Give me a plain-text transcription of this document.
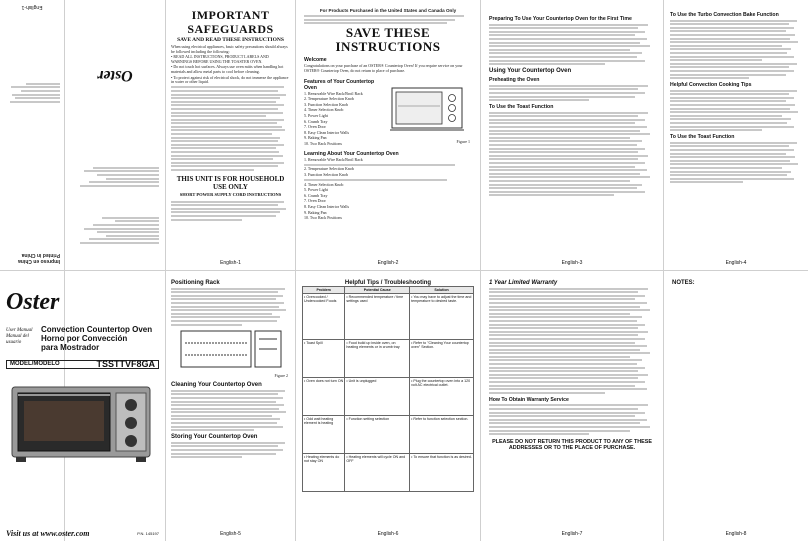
Impreso en China
Printed in China
English-1
Oster
IMPORTANT SAFEGUARDS
SAVE AND READ THESE INSTRUCTIONS
When using electrical appliances, basic safety precautions should always be followed including the following:
• READ ALL INSTRUCTIONS, PRODUCT LABELS AND WARNINGS BEFORE USING THE TOASTER OVEN.
• Do not touch hot surfaces. Always use oven mitts when handling hot materials and allow metal parts to cool before cleaning.
• To protect against risk of electrical shock, do not immerse the appliance in water or other liquid.
THIS UNIT IS FOR HOUSEHOLD USE ONLY
SHORT POWER SUPPLY CORD INSTRUCTIONS
English-1
For Products Purchased in the United States and Canada Only
SAVE THESE INSTRUCTIONS
Welcome
Congratulations on your purchase of an OSTER® Countertop Oven! If you require service on your OSTER® Countertop Oven, do not return to place of purchase.
Features of Your Countertop Oven
1. Removable Wire Rack/Broil Rack
2. Temperature Selection Knob
3. Function Selection Knob
4. Timer Selection Knob
5. Power Light
6. Crumb Tray
7. Oven Door
8. Easy Clean Interior Walls
9. Baking Pan
10. Two Rack Positions	Figure 1
Learning About Your Countertop Oven
1. Removable Wire Rack/Broil Rack
2. Temperature Selection Knob
3. Function Selection Knob
4. Timer Selection Knob
5. Power Light
6. Crumb Tray
7. Oven Door
8. Easy Clean Interior Walls
9. Baking Pan
10. Two Rack Positions
English-2
Preparing To Use Your Countertop Oven for the First Time
Using Your Countertop Oven
Preheating the Oven
To Use the Toast Function
English-3
To Use the Turbo Convection Bake Function
Helpful Convection Cooking Tips
To Use the Toast Function
English-4
Oster
User Manual	Convection Countertop Oven
Manual del usuario	Horno por Convección
para Mostrador
MODEL/MODELO	TSSTTVF8GA
Visit us at www.oster.com	P.N. 145197
Positioning Rack
Figure 2
Cleaning Your Countertop Oven
Storing Your Countertop Oven
English-5
Helpful Tips / Troubleshooting
Problem	Potential Cause	Solution
• Overcooked / Undercooked Foods	• Recommended temperature / time settings used	• You may have to adjust the time and temperature to desired taste.
• Toast Spill	• Food build up inside oven, on heating elements or in crumb tray	• Refer to "Cleaning Your countertop oven" Section.
• Oven does not turn ON	• Unit is unplugged	• Plug the countertop oven into a 120 volt AC electrical outlet.
• Odd wait heating element is heating	• Function setting selection	• Refer to function selection section.
• Heating elements do not stay ON	• Heating elements will cycle ON and OFF	• To ensure that function is as desired.
English-6
1 Year Limited Warranty
How To Obtain Warranty Service
PLEASE DO NOT RETURN THIS PRODUCT TO ANY OF THESE ADDRESSES OR TO THE PLACE OF PURCHASE.
English-7
NOTES:
English-8
